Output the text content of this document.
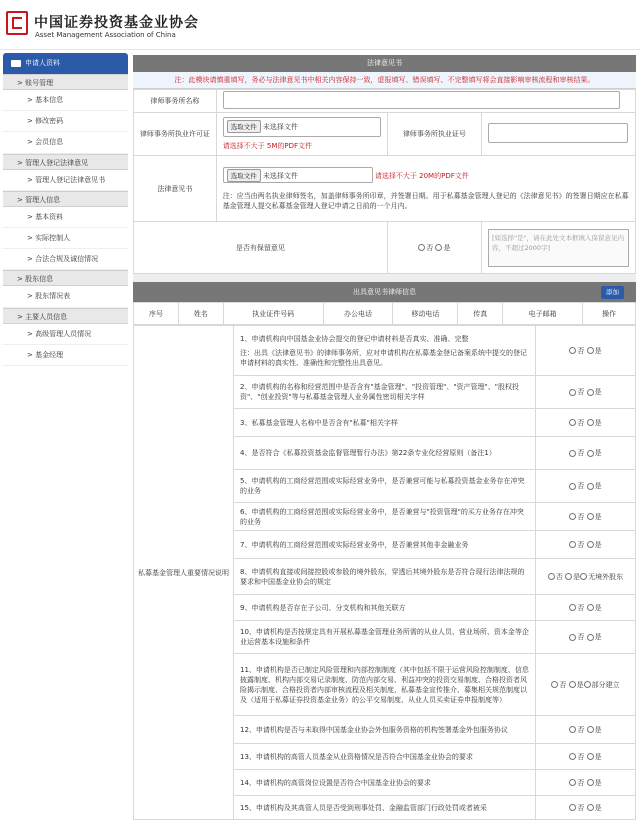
中国证券投资基金业协会
Asset Management Association of China
申请人资料
> 账号管理
> 基本信息
> 修改密码
> 会员信息
> 管理人登记法律意见
> 管理人登记法律意见书
> 管理人信息
> 基本资料
> 实际控制人
> 合法合规及诚信情况
> 股东信息
> 股东情况表
> 主要人员信息
> 高级管理人员情况
> 基金经理
法律意见书
注：此模块请慎重填写，务必与法律意见书中相关内容保持一致，虚报填写、错误填写、不完整填写将会直接影响审核流程和审核结果。
律师事务所名称			
律师事务所执业许可证	选取文件 未选择文件
请选择不大于 5M的PDF文件	律师事务所执业证号	
法律意见书	选取文件 未选择文件 请选择不大于 20M的PDF文件
注：应当由两名执业律师签名，加盖律师事务所印章，并签署日期。用于私募基金管理人登记的《法律意见书》的签署日期应在私募基金管理人提交私募基金管理人登记申请之日前的一个月内。		

是否有保留意见		否 是	[如选择"是"，请在此处文本框填入保留意见内容，不超过2000字]
出具意见书律师信息	添加
序号	姓名	执业证件号码	办公电话	移动电话	传真	电子邮箱	操作
私募基金管理人重要情况说明	1、申请机构向中国基金业协会提交的登记申请材料是否真实、准确、完整
注：出具《法律意见书》的律师事务所，应对申请机构在私募基金登记备案系统中提交的登记申请材料的真实性、准确性和完整性出具意见。	否 是

	2、申请机构的名称和经营范围中是否含有"基金管理"、"投资管理"、"资产管理"、"股权投资"、"创业投资"等与私募基金管理人业务属性密切相关字样	否 是

	3、私募基金管理人名称中是否含有"私募"相关字样	否 是

	4、是否符合《私募投资基金监督管理暂行办法》第22条专业化经营原则（备注1）	否 是

	5、申请机构的工商经营范围或实际经营业务中，是否兼营可能与私募投资基金业务存在冲突的业务	否 是

	6、申请机构的工商经营范围或实际经营业务中，是否兼营与"投资管理"的买方业务存在冲突的业务	否 是

	7、申请机构的工商经营范围或实际经营业务中，是否兼营其他非金融业务	否 是

	8、申请机构直接或间接控股或参股的境外股东，穿透后其境外股东是否符合现行法律法规的要求和中国基金业协会的规定	否 是 无境外股东

	9、申请机构是否存在子公司、分支机构和其他关联方	否 是

	10、申请机构是否按规定具有开展私募基金管理业务所需的从业人员、营业场所、资本金等企业运营基本设施和条件	否 是

	11、申请机构是否已制定风险管理和内部控制制度（其中包括不限于运营风险控制制度、信息披露制度、机构内部交易记录制度、防范内部交易、利益冲突的投资交易制度、合格投资者风险揭示制度、合格投资者内部审核流程及相关制度、私募基金宣传推介、募集相关规范制度以及（适用于私募证券投资基金业务）的公平交易制度、从业人员买卖证券申报制度等）	否 是 部分建立

	12、申请机构是否与未取得中国基金业协会外包服务资格的机构签署基金外包服务协议	否 是

	13、申请机构的高管人员基金从业资格情况是否符合中国基金业协会的要求	否 是

	14、申请机构的高管岗位设置是否符合中国基金业协会的要求	否 是

	15、申请机构及其高管人员是否受到刑事处罚、金融监管部门行政处罚或者被采	否 是
